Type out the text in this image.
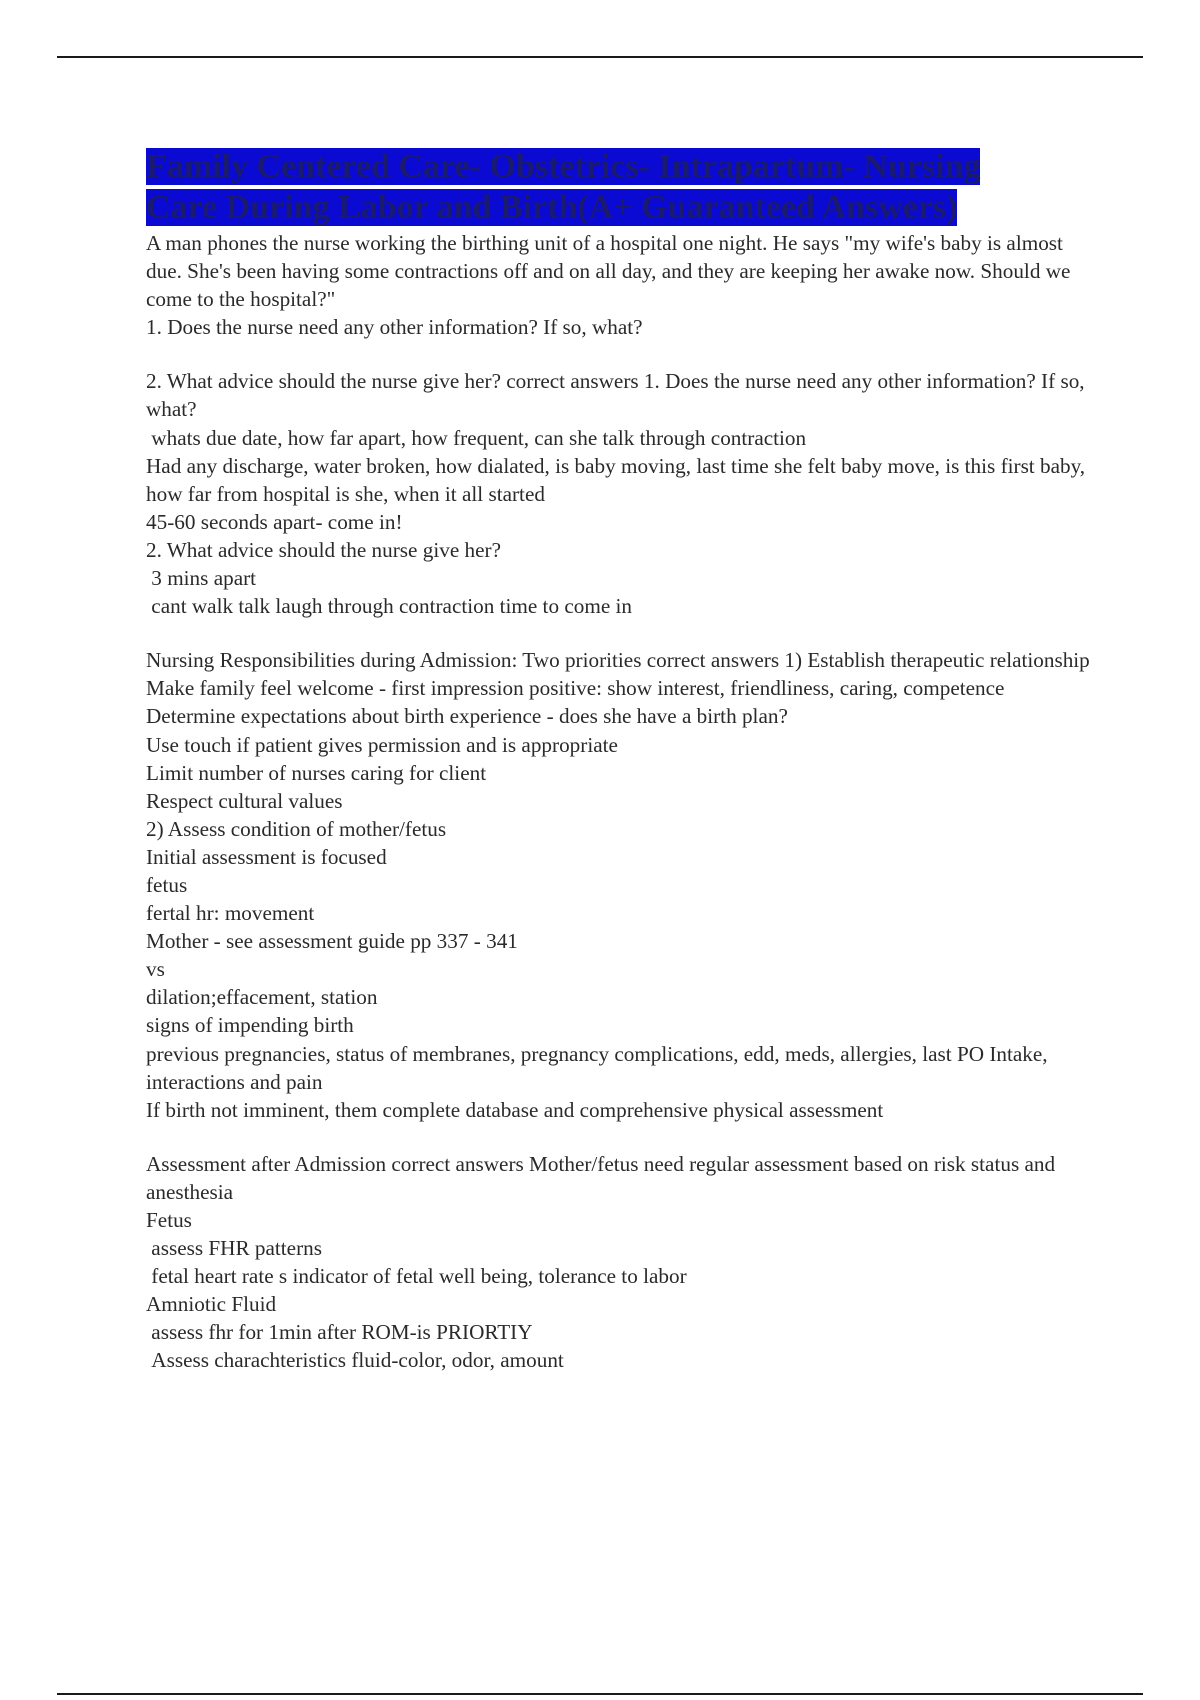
Family Centered Care- Obstetrics- Intrapartum- Nursing Care During Labor and Birth(A+ Guaranteed Answers)
A man phones the nurse working the birthing unit of a hospital one night. He says "my wife's baby is almost due. She's been having some contractions off and on all day, and they are keeping her awake now. Should we come to the hospital?"
1. Does the nurse need any other information? If so, what?
2. What advice should the nurse give her? correct answers 1. Does the nurse need any other information? If so, what?
whats due date, how far apart, how frequent, can she talk through contraction
Had any discharge, water broken, how dialated, is baby moving, last time she felt baby move, is this first baby, how far from hospital is she, when it all started
45-60 seconds apart- come in!
2. What advice should the nurse give her?
3 mins apart
cant walk talk laugh through contraction time to come in
Nursing Responsibilities during Admission: Two priorities correct answers 1) Establish therapeutic relationship
Make family feel welcome - first impression positive: show interest, friendliness, caring, competence
Determine expectations about birth experience - does she have a birth plan?
Use touch if patient gives permission and is appropriate
Limit number of nurses caring for client
Respect cultural values
2) Assess condition of mother/fetus
Initial assessment is focused
fetus
fertal hr: movement
Mother - see assessment guide pp 337 - 341
vs
dilation;effacement, station
signs of impending birth
previous pregnancies, status of membranes, pregnancy complications, edd, meds, allergies, last PO Intake, interactions and pain
If birth not imminent, them complete database and comprehensive physical assessment
Assessment after Admission correct answers Mother/fetus need regular assessment based on risk status and anesthesia
Fetus
assess FHR patterns
fetal heart rate s indicator of fetal well being, tolerance to labor
Amniotic Fluid
assess fhr for 1min after ROM-is PRIORTIY
Assess charachteristics fluid-color, odor, amount
